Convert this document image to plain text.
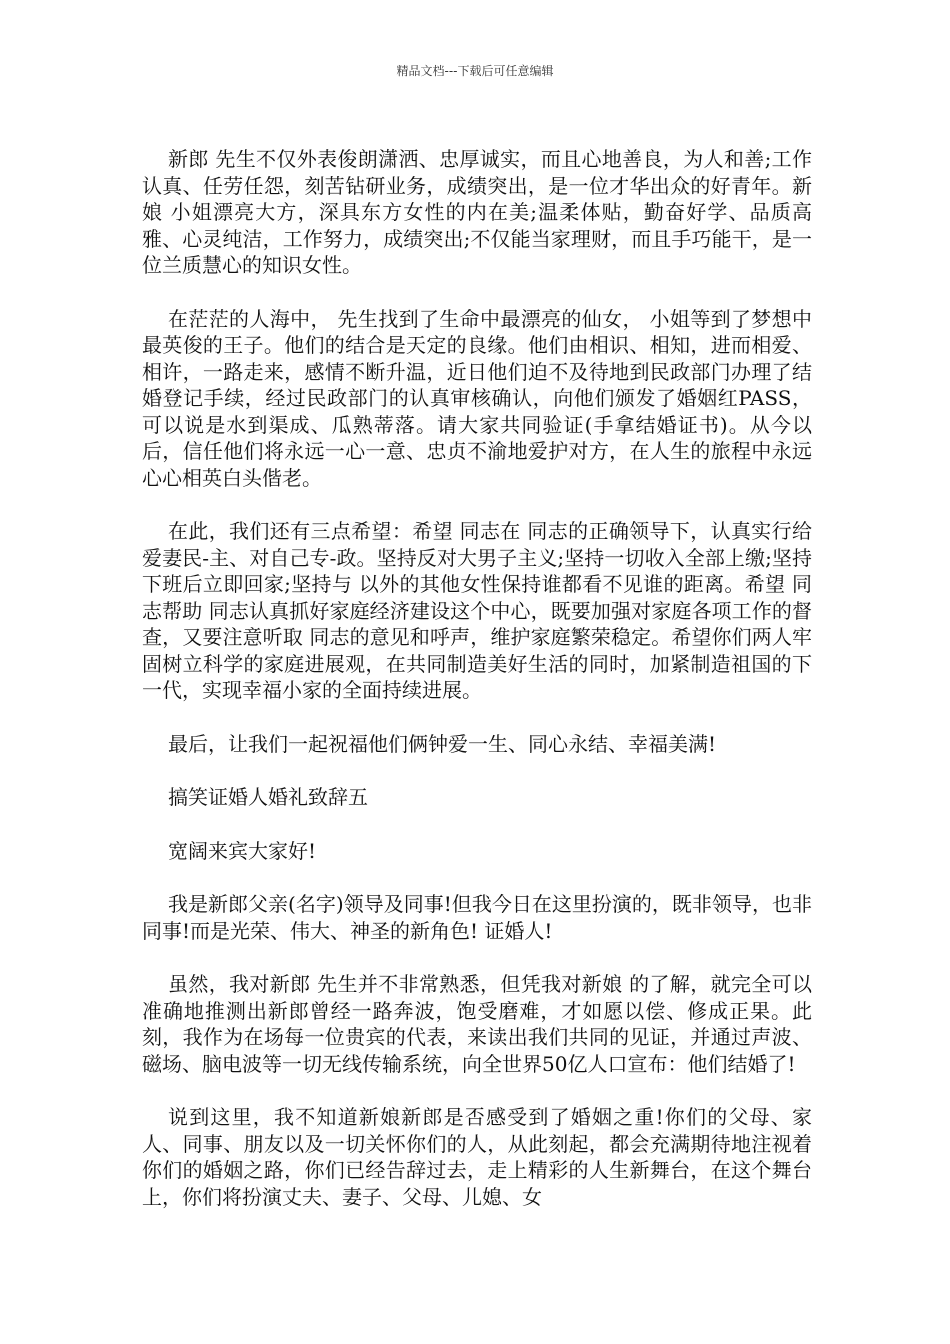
精品文档---下载后可任意编辑

新郎 先生不仅外表俊朗潇洒、忠厚诚实，而且心地善良，为人和善;工作认真、任劳任怨，刻苦钻研业务，成绩突出，是一位才华出众的好青年。新娘 小姐漂亮大方，深具东方女性的内在美;温柔体贴，勤奋好学、品质高雅、心灵纯洁，工作努力，成绩突出;不仅能当家理财，而且手巧能干，是一位兰质慧心的知识女性。

在茫茫的人海中， 先生找到了生命中最漂亮的仙女， 小姐等到了梦想中最英俊的王子。他们的结合是天定的良缘。他们由相识、相知，进而相爱、相许，一路走来，感情不断升温，近日他们迫不及待地到民政部门办理了结婚登记手续，经过民政部门的认真审核确认，向他们颁发了婚姻红PASS，可以说是水到渠成、瓜熟蒂落。请大家共同验证(手拿结婚证书)。从今以后，信任他们将永远一心一意、忠贞不渝地爱护对方，在人生的旅程中永远心心相英白头偕老。

在此，我们还有三点希望：希望 同志在 同志的正确领导下，认真实行给爱妻民-主、对自己专-政。坚持反对大男子主义;坚持一切收入全部上缴;坚持下班后立即回家;坚持与 以外的其他女性保持谁都看不见谁的距离。希望 同志帮助 同志认真抓好家庭经济建设这个中心，既要加强对家庭各项工作的督查，又要注意听取 同志的意见和呼声，维护家庭繁荣稳定。希望你们两人牢固树立科学的家庭进展观，在共同制造美好生活的同时，加紧制造祖国的下一代，实现幸福小家的全面持续进展。

最后，让我们一起祝福他们俩钟爱一生、同心永结、幸福美满!

搞笑证婚人婚礼致辞五

宽阔来宾大家好!

我是新郎父亲(名字)领导及同事!但我今日在这里扮演的，既非领导，也非同事!而是光荣、伟大、神圣的新角色! 证婚人!

虽然，我对新郎 先生并不非常熟悉，但凭我对新娘 的了解，就完全可以准确地推测出新郎曾经一路奔波，饱受磨难，才如愿以偿、修成正果。此刻，我作为在场每一位贵宾的代表，来读出我们共同的见证，并通过声波、磁场、脑电波等一切无线传输系统，向全世界50亿人口宣布：他们结婚了!

说到这里，我不知道新娘新郎是否感受到了婚姻之重!你们的父母、家人、同事、朋友以及一切关怀你们的人，从此刻起，都会充满期待地注视着你们的婚姻之路，你们已经告辞过去，走上精彩的人生新舞台，在这个舞台上，你们将扮演丈夫、妻子、父母、儿媳、女
